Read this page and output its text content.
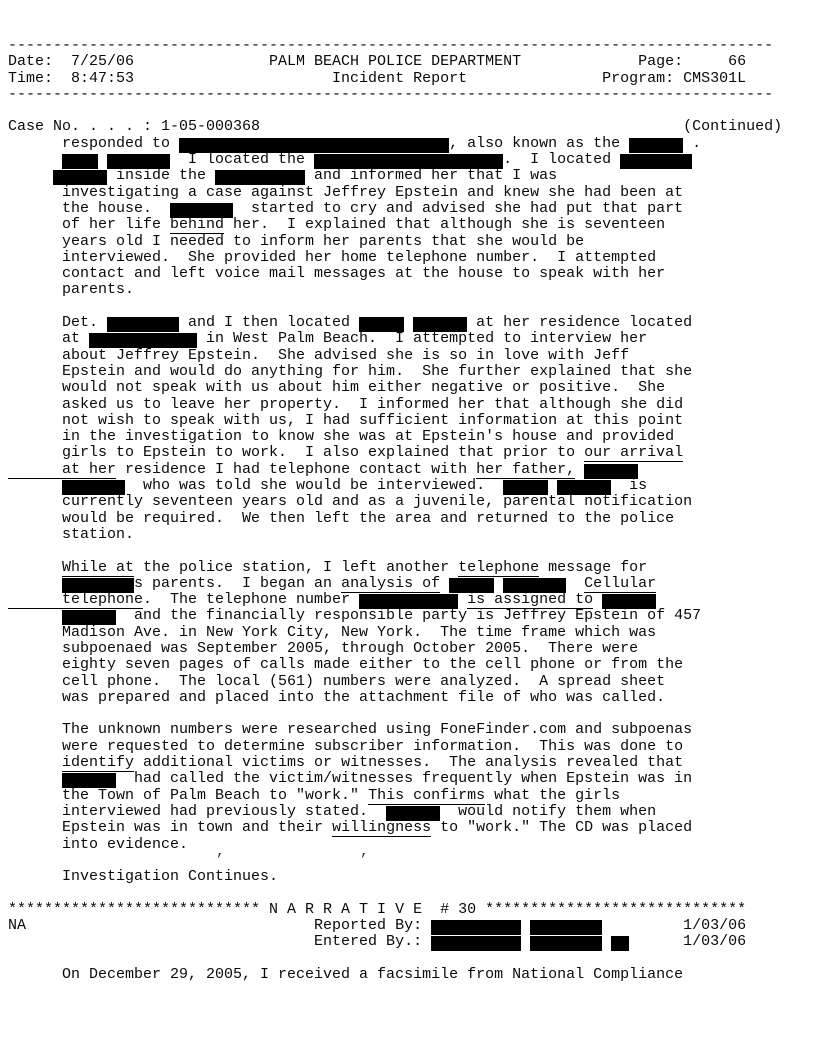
-------------------------------------------------------------------------------------
Date:  7/25/06               PALM BEACH POLICE DEPARTMENT             Page:     66
Time:  8:47:53                      Incident Report               Program: CMS301L
-------------------------------------------------------------------------------------
Case No. . . . : 1-05-000368                                               (Continued)
responded to	, also known as the	.
I located the	.  I located
inside the	and informed her that I was
investigating a case against Jeffrey Epstein and knew she had been at
the house.	started to cry and advised she had put that part
of her life behind her.  I explained that although she is seventeen
years old I needed to inform her parents that she would be
interviewed.  She provided her home telephone number.  I attempted
contact and left voice mail messages at the house to speak with her
parents.
Det.	and I then located	at her residence located
at	in West Palm Beach.  I attempted to interview her
about Jeffrey Epstein.  She advised she is so in love with Jeff
Epstein and would do anything for him.  She further explained that she
would not speak with us about him either negative or positive.  She
asked us to leave her property.  I informed her that although she did
not wish to speak with us, I had sufficient information at this point
in the investigation to know she was at Epstein's house and provided
girls to Epstein to work.  I also explained that prior to our arrival
at her residence I had telephone contact with her father,
who was told she would be interviewed.	is
currently seventeen years old and as a juvenile, parental notification
would be required.  We then left the area and returned to the police
station.
While at the police station, I left another telephone message for
s parents.  I began an analysis of	Cellular
telephone.  The telephone number	is assigned to
and the financially responsible party is Jeffrey Epstein of 457
Madison Ave. in New York City, New York.  The time frame which was
subpoenaed was September 2005, through October 2005.  There were
eighty seven pages of calls made either to the cell phone or from the
cell phone.  The local (561) numbers were analyzed.  A spread sheet
was prepared and placed into the attachment file of who was called.
The unknown numbers were researched using FoneFinder.com and subpoenas
were requested to determine subscriber information.  This was done to
identify additional victims or witnesses.  The analysis revealed that
had called the victim/witnesses frequently when Epstein was in
the Town of Palm Beach to "work." This confirms what the girls
interviewed had previously stated.	would notify them when
Epstein was in town and their willingness to "work." The CD was placed
into evidence.
’               ’
Investigation Continues.
**************************** N A R R A T I V E  # 30 *****************************
NA                                Reported By:	1/03/06
Entered By.:	1/03/06
On December 29, 2005, I received a facsimile from National Compliance
